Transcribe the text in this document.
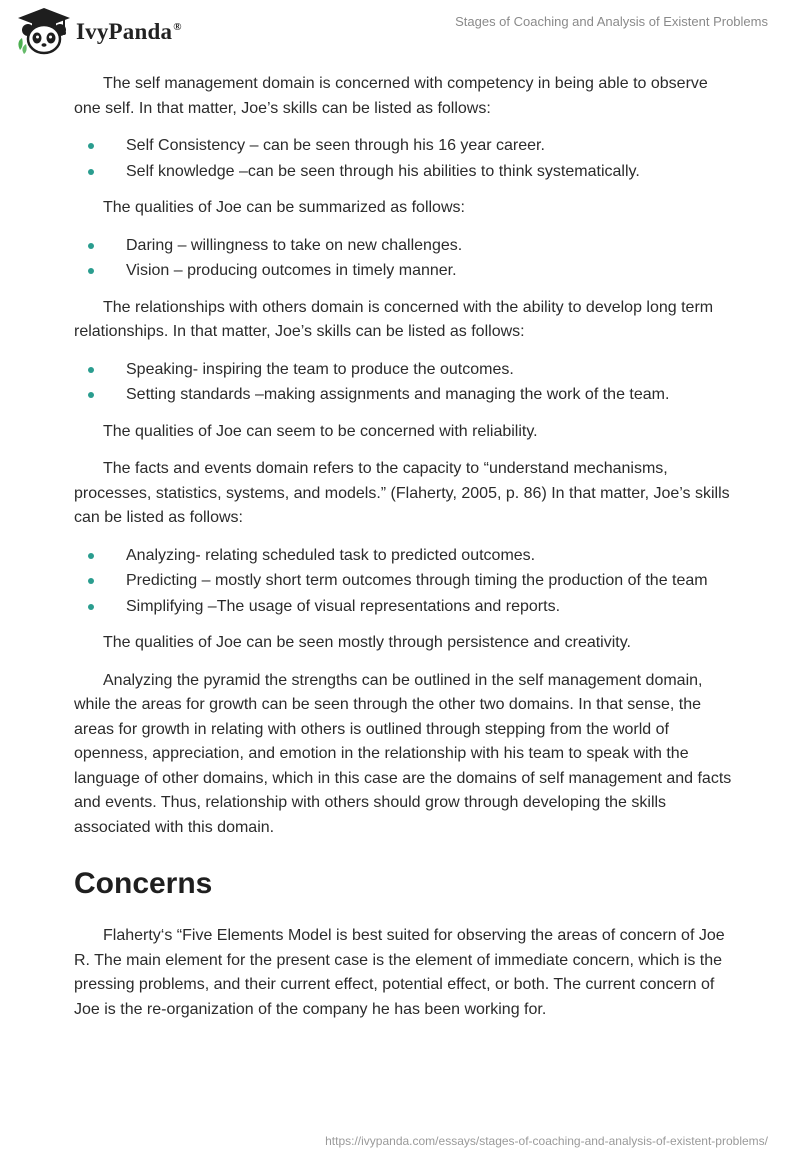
IvyPanda®	Stages of Coaching and Analysis of Existent Problems

The self management domain is concerned with competency in being able to observe one self. In that matter, Joe’s skills can be listed as follows:

Self Consistency – can be seen through his 16 year career.
Self knowledge –can be seen through his abilities to think systematically.

The qualities of Joe can be summarized as follows:

Daring – willingness to take on new challenges.
Vision – producing outcomes in timely manner.

The relationships with others domain is concerned with the ability to develop long term relationships. In that matter, Joe’s skills can be listed as follows:

Speaking- inspiring the team to produce the outcomes.
Setting standards –making assignments and managing the work of the team.

The qualities of Joe can seem to be concerned with reliability.

The facts and events domain refers to the capacity to “understand mechanisms, processes, statistics, systems, and models.” (Flaherty, 2005, p. 86) In that matter, Joe’s skills can be listed as follows:

Analyzing- relating scheduled task to predicted outcomes.
Predicting – mostly short term outcomes through timing the production of the team
Simplifying –The usage of visual representations and reports.

The qualities of Joe can be seen mostly through persistence and creativity.

Analyzing the pyramid the strengths can be outlined in the self management domain, while the areas for growth can be seen through the other two domains. In that sense, the areas for growth in relating with others is outlined through stepping from the world of openness, appreciation, and emotion in the relationship with his team to speak with the language of other domains, which in this case are the domains of self management and facts and events. Thus, relationship with others should grow through developing the skills associated with this domain.

Concerns

Flaherty‘s “Five Elements Model is best suited for observing the areas of concern of Joe R. The main element for the present case is the element of immediate concern, which is the pressing problems, and their current effect, potential effect, or both. The current concern of Joe is the re-organization of the company he has been working for.

https://ivypanda.com/essays/stages-of-coaching-and-analysis-of-existent-problems/
